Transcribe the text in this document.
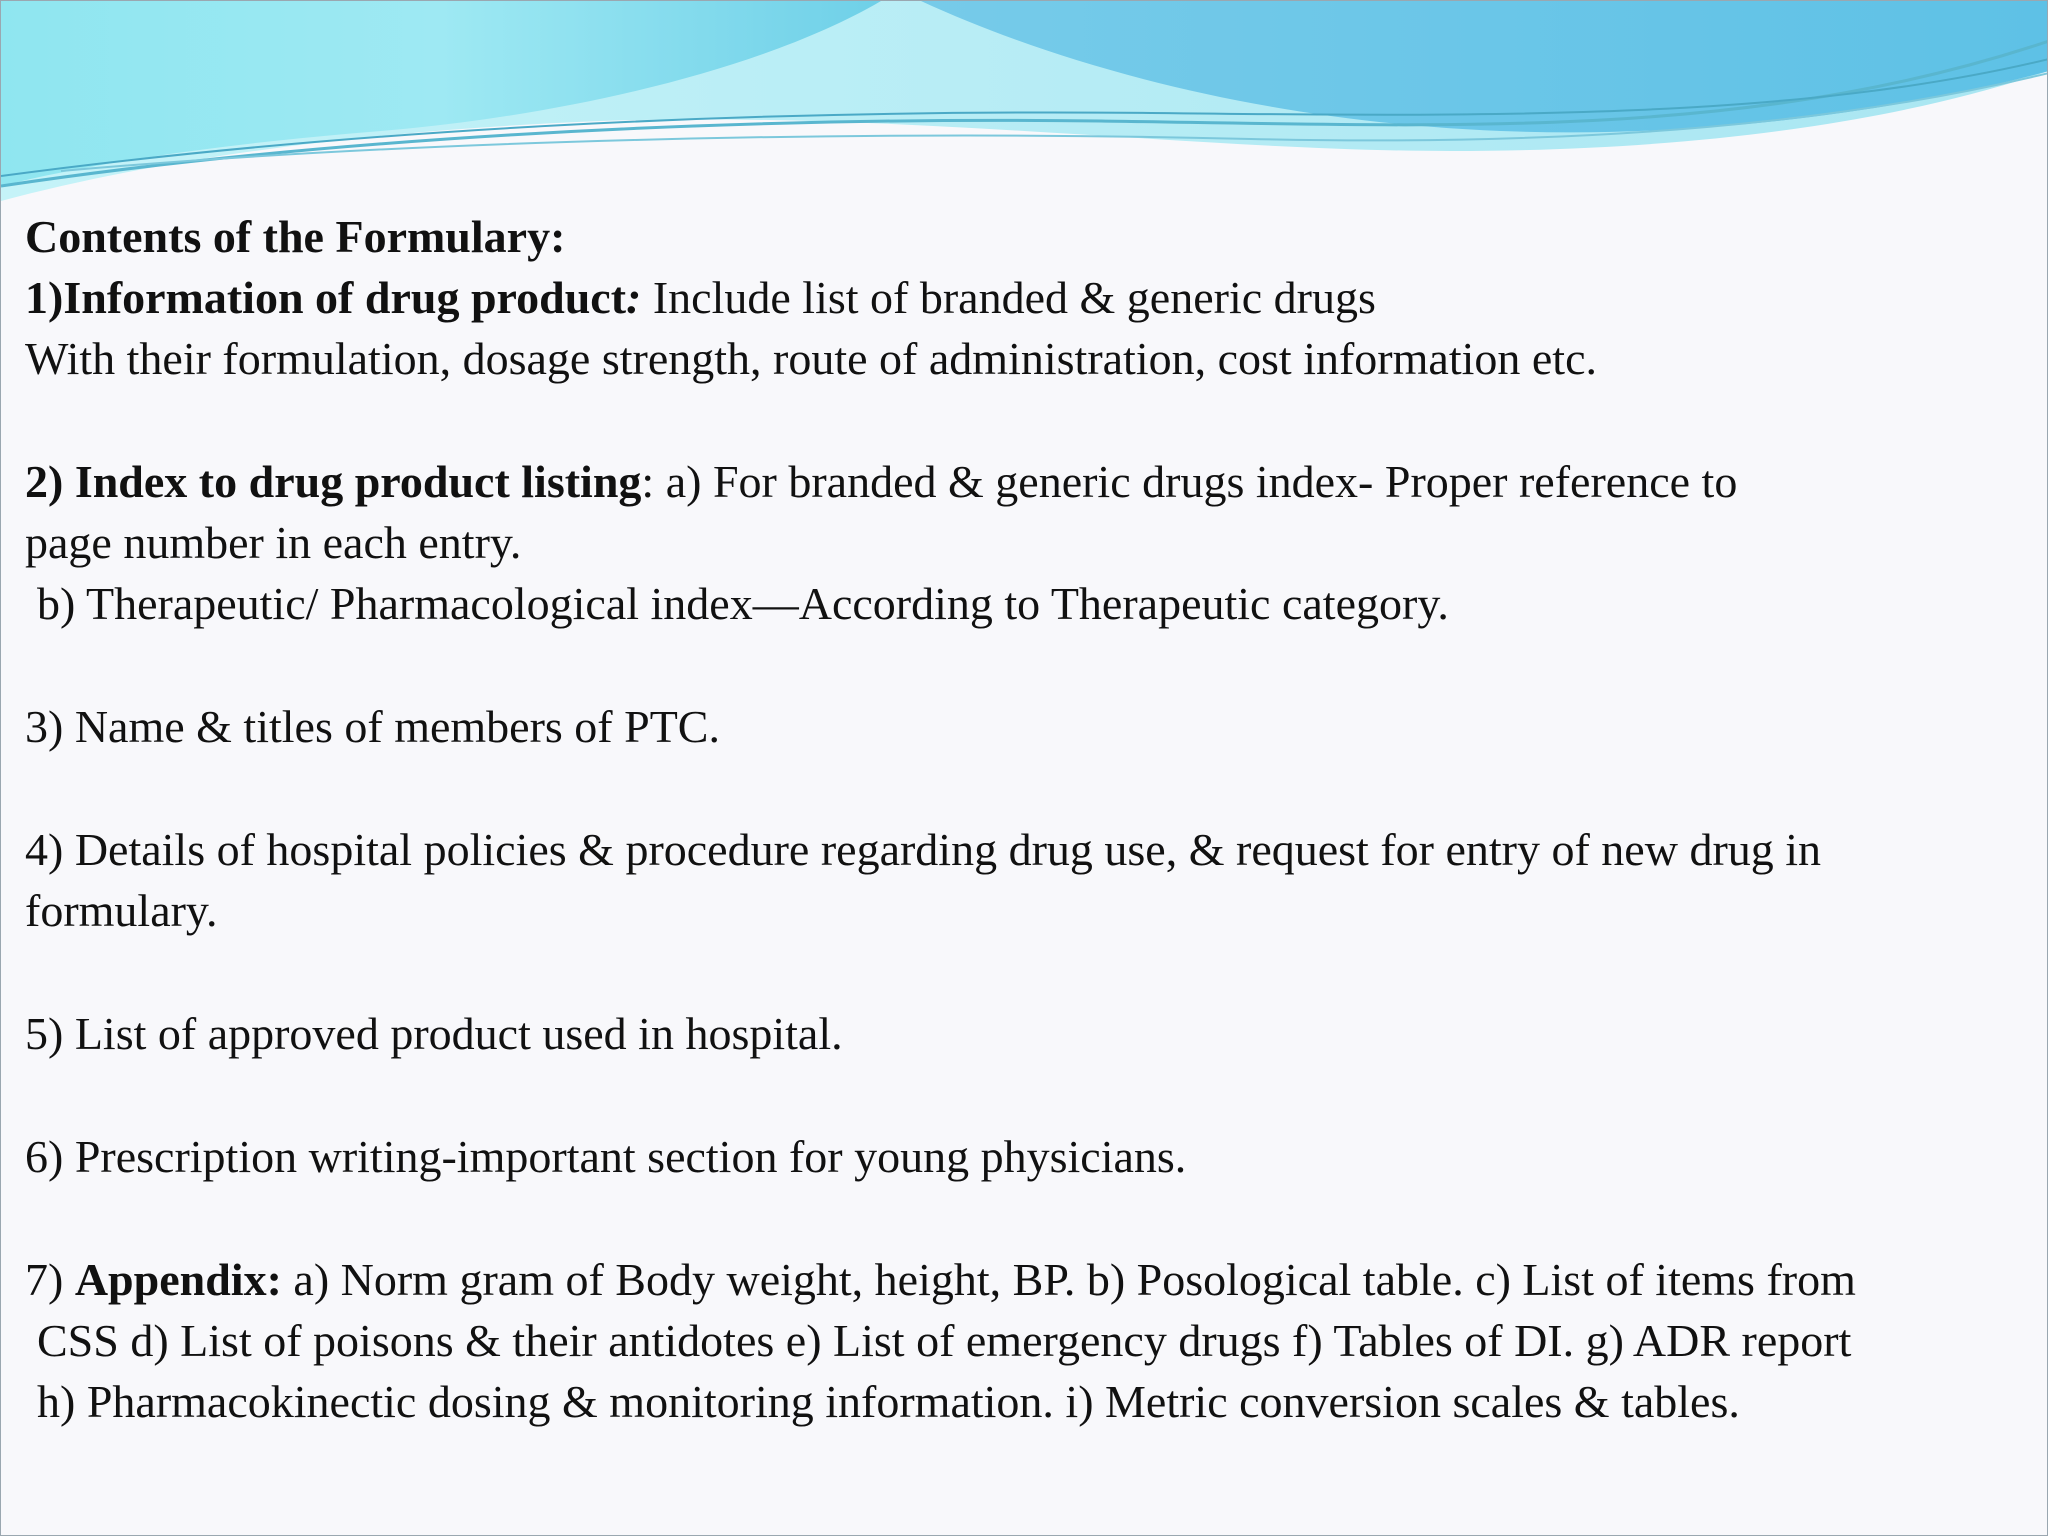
Contents of the Formulary:
1)Information of drug product: Include list of branded & generic drugs
With their formulation, dosage strength, route of administration, cost information etc.
2) Index to drug product listing: a) For branded & generic drugs index- Proper reference to
page number in each entry.
b) Therapeutic/ Pharmacological index—According to Therapeutic category.
3) Name & titles of members of PTC.
4) Details of hospital policies & procedure regarding drug use, & request for entry of new drug in
formulary.
5) List of approved product used in hospital.
6) Prescription writing-important section for young physicians.
7) Appendix: a) Norm gram of Body weight, height, BP. b) Posological table. c) List of items from
CSS d) List of poisons & their antidotes e) List of emergency drugs f) Tables of DI. g) ADR report
h) Pharmacokinectic dosing & monitoring information. i) Metric conversion scales & tables.
